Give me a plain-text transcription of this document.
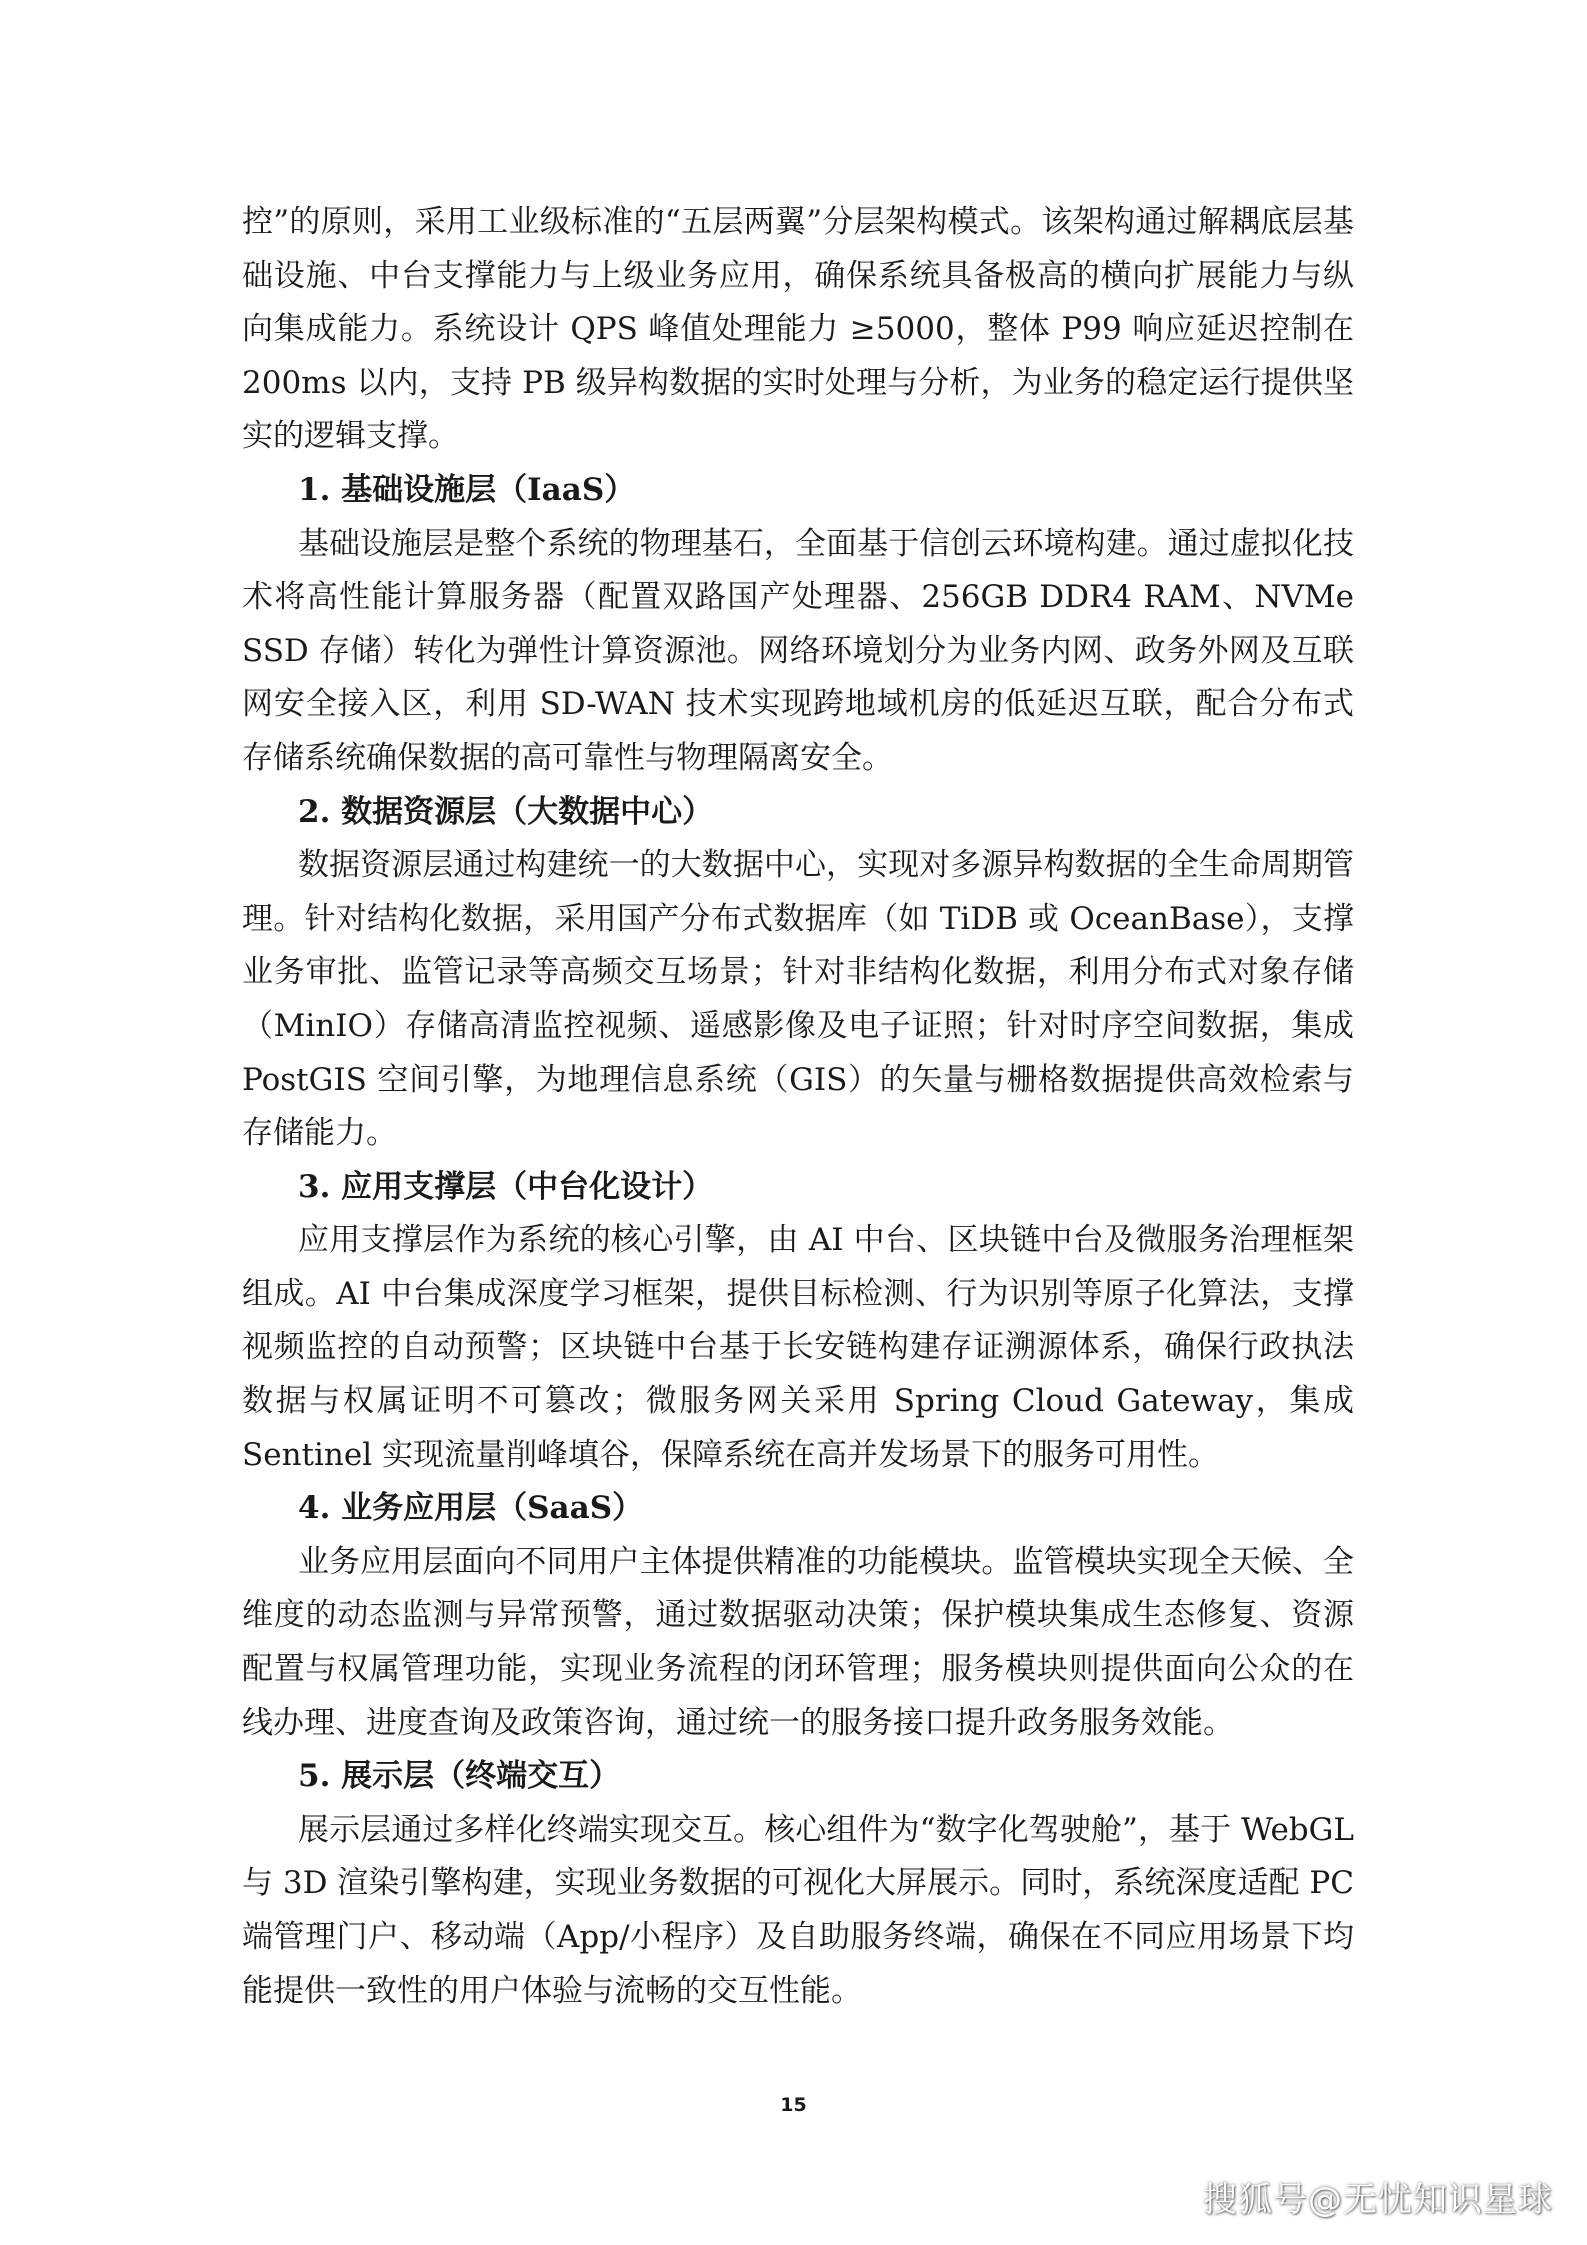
控”的原则，采用工业级标准的“五层两翼”分层架构模式。该架构通过解耦底层基础设施、中台支撑能力与上级业务应用，确保系统具备极高的横向扩展能力与纵向集成能力。系统设计 QPS 峰值处理能力 ≥5000，整体 P99 响应延迟控制在 200ms 以内，支持 PB 级异构数据的实时处理与分析，为业务的稳定运行提供坚实的逻辑支撑。

1. 基础设施层（IaaS）

基础设施层是整个系统的物理基石，全面基于信创云环境构建。通过虚拟化技术将高性能计算服务器（配置双路国产处理器、256GB DDR4 RAM、NVMe SSD 存储）转化为弹性计算资源池。网络环境划分为业务内网、政务外网及互联网安全接入区，利用 SD-WAN 技术实现跨地域机房的低延迟互联，配合分布式存储系统确保数据的高可靠性与物理隔离安全。

2. 数据资源层（大数据中心）

数据资源层通过构建统一的大数据中心，实现对多源异构数据的全生命周期管理。针对结构化数据，采用国产分布式数据库（如 TiDB 或 OceanBase），支撑业务审批、监管记录等高频交互场景；针对非结构化数据，利用分布式对象存储（MinIO）存储高清监控视频、遥感影像及电子证照；针对时序空间数据，集成 PostGIS 空间引擎，为地理信息系统（GIS）的矢量与栅格数据提供高效检索与存储能力。

3. 应用支撑层（中台化设计）

应用支撑层作为系统的核心引擎，由 AI 中台、区块链中台及微服务治理框架组成。AI 中台集成深度学习框架，提供目标检测、行为识别等原子化算法，支撑视频监控的自动预警；区块链中台基于长安链构建存证溯源体系，确保行政执法数据与权属证明不可篡改；微服务网关采用 Spring Cloud Gateway，集成 Sentinel 实现流量削峰填谷，保障系统在高并发场景下的服务可用性。

4. 业务应用层（SaaS）

业务应用层面向不同用户主体提供精准的功能模块。监管模块实现全天候、全维度的动态监测与异常预警，通过数据驱动决策；保护模块集成生态修复、资源配置与权属管理功能，实现业务流程的闭环管理；服务模块则提供面向公众的在线办理、进度查询及政策咨询，通过统一的服务接口提升政务服务效能。

5. 展示层（终端交互）

展示层通过多样化终端实现交互。核心组件为“数字化驾驶舱”，基于 WebGL 与 3D 渲染引擎构建，实现业务数据的可视化大屏展示。同时，系统深度适配 PC 端管理门户、移动端（App/小程序）及自助服务终端，确保在不同应用场景下均能提供一致性的用户体验与流畅的交互性能。

15
搜狐号@无忧知识星球
